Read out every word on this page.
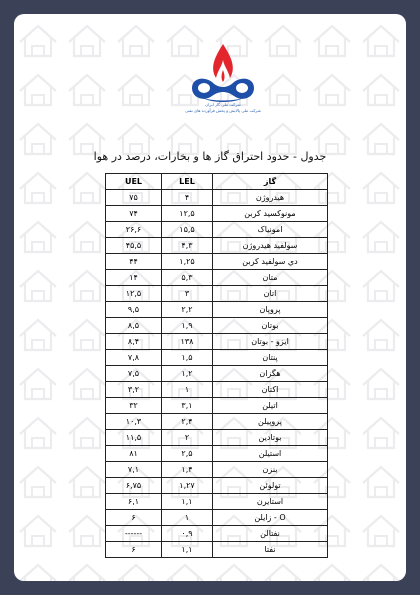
شرکت ملی گاز ایران
شرکت ملی پالایش و پخش فرآورده های نفتی
جدول - حدود احتراق گاز ها و بخارات، درصد در هوا
UEL	LEL	گاز
۷۵	۴	هیدروژن
۷۴	۱۲,۵	مونوکسید کربن
۲۶,۶	۱۵,۵	امونیاک
۴۵,۵	۴,۳	سولفید هیدروژن
۴۴	۱,۲۵	دي سولفيد كربن
۱۴	۵,۳	متان
۱۲,۵	۳	اتان
۹,۵	۲,۲	پروپان
۸,۵	۱,۹	بوتان
۸,۴	۱۳۸	ایزو - بوتان
۷,۸	۱,۵	پنتان
۷,۵	۱,۲	هگزان
۳,۲	۱	اکتان
۳۲	۳,۱	اتیلن
۱۰,۳	۲,۴	پروپیلن
۱۱,۵	۲	بوتادین
۸۱	۲,۵	استیلن
۷,۱	۱,۴	بنزن
۶,۷۵	۱,۲۷	تولوئن
۶,۱	۱,۱	استایرن
۶	۱	O - زایلن
------	۰,۹	نفتالن
۶	۱,۱	نفتا
